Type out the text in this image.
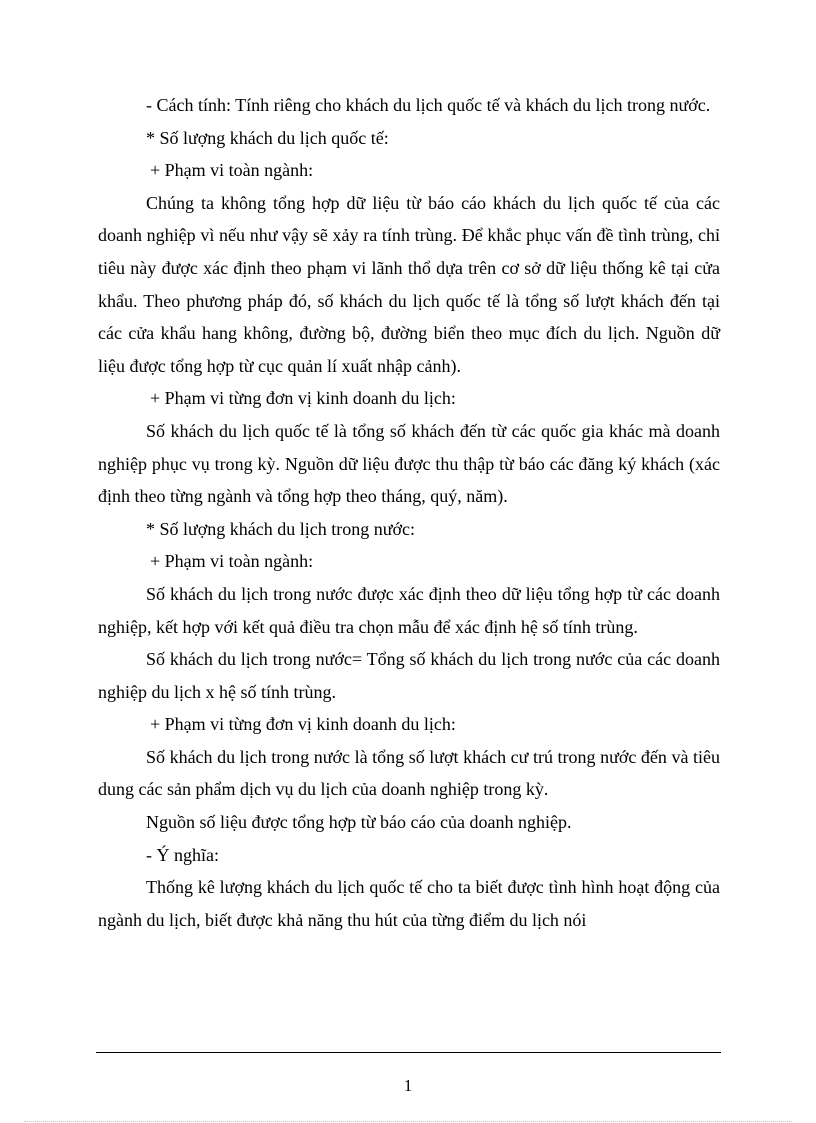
- Cách tính: Tính riêng cho khách du lịch quốc tế và khách du lịch trong nước.

* Số lượng khách du lịch quốc tế:

+ Phạm vi toàn ngành:

Chúng ta không tổng hợp dữ liệu từ báo cáo khách du lịch quốc tế của các doanh nghiệp vì nếu như vậy sẽ xảy ra tính trùng. Để khắc phục vấn đề tình trùng, chỉ tiêu này được xác định theo phạm vi lãnh thổ dựa trên cơ sở dữ liệu thống kê tại cửa khẩu. Theo phương pháp đó, số khách du lịch quốc tế là tổng số lượt khách đến tại các cửa khẩu hang không, đường bộ, đường biển theo mục đích du lịch. Nguồn dữ liệu được tổng hợp từ cục quản lí xuất nhập cảnh).

+ Phạm vi từng đơn vị kinh doanh du lịch:

Số khách du lịch quốc tế là tổng số khách đến từ các quốc gia khác mà doanh nghiệp phục vụ trong kỳ. Nguồn dữ liệu được thu thập từ báo các đăng ký khách (xác định theo từng ngành và tổng hợp theo tháng, quý, năm).

* Số lượng khách du lịch trong nước:

+ Phạm vi toàn ngành:

Số khách du lịch trong nước được xác định theo dữ liệu tổng hợp từ các doanh nghiệp, kết hợp với kết quả điều tra chọn mẫu để xác định hệ số tính trùng.

Số khách du lịch trong nước= Tổng số khách du lịch trong nước của các doanh nghiệp du lịch x hệ số tính trùng.

+ Phạm vi từng đơn vị kinh doanh du lịch:

Số khách du lịch trong nước là tổng số lượt khách cư trú trong nước đến và tiêu dung các sản phẩm dịch vụ du lịch của doanh nghiệp trong kỳ.

Nguồn số liệu được tổng hợp từ báo cáo của doanh nghiệp.

- Ý nghĩa:

Thống kê lượng khách du lịch quốc tế cho ta biết được tình hình hoạt động của ngành du lịch, biết được khả năng thu hút của từng điểm du lịch nói

1
